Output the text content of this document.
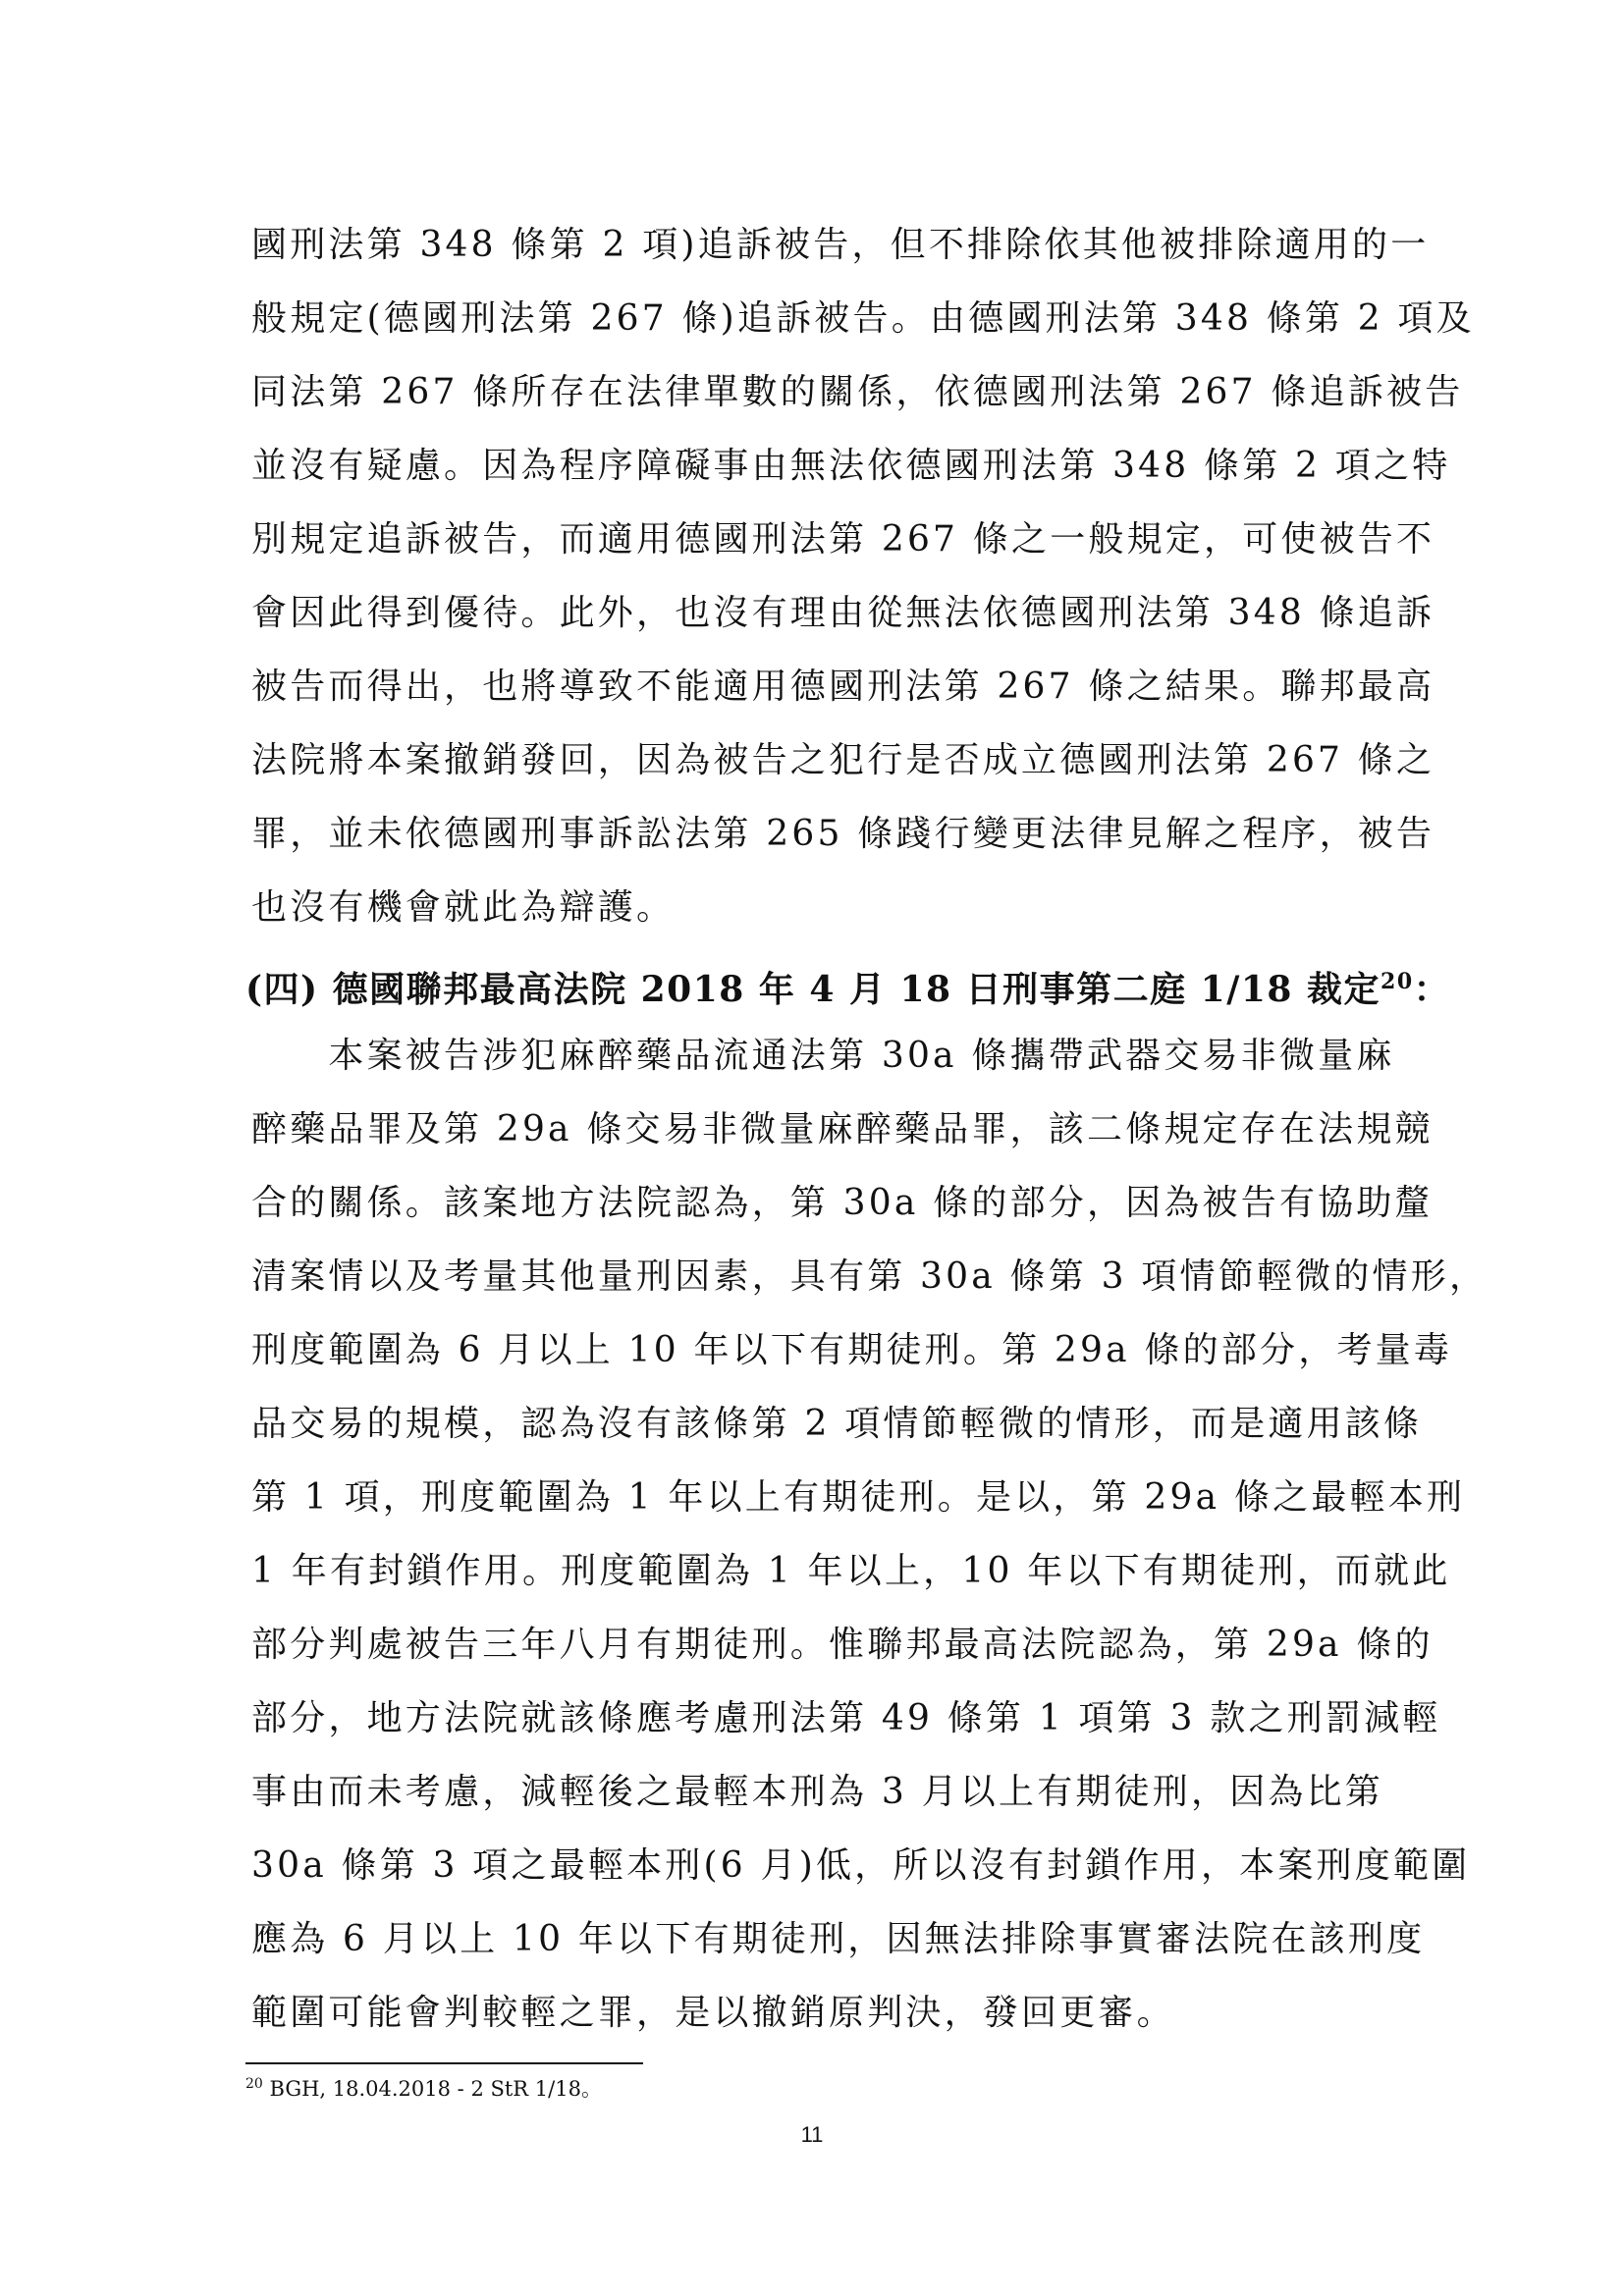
國刑法第 348 條第 2 項)追訴被告，但不排除依其他被排除適用的一
般規定(德國刑法第 267 條)追訴被告。由德國刑法第 348 條第 2 項及
同法第 267 條所存在法律單數的關係，依德國刑法第 267 條追訴被告
並沒有疑慮。因為程序障礙事由無法依德國刑法第 348 條第 2 項之特
別規定追訴被告，而適用德國刑法第 267 條之一般規定，可使被告不
會因此得到優待。此外，也沒有理由從無法依德國刑法第 348 條追訴
被告而得出，也將導致不能適用德國刑法第 267 條之結果。聯邦最高
法院將本案撤銷發回，因為被告之犯行是否成立德國刑法第 267 條之
罪，並未依德國刑事訴訟法第 265 條踐行變更法律見解之程序，被告
也沒有機會就此為辯護。
(四) 德國聯邦最高法院 2018 年 4 月 18 日刑事第二庭 1/18 裁定$^{20}$：
　　本案被告涉犯麻醉藥品流通法第 30a 條攜帶武器交易非微量麻
醉藥品罪及第 29a 條交易非微量麻醉藥品罪，該二條規定存在法規競
合的關係。該案地方法院認為，第 30a 條的部分，因為被告有協助釐
清案情以及考量其他量刑因素，具有第 30a 條第 3 項情節輕微的情形，
刑度範圍為 6 月以上 10 年以下有期徒刑。第 29a 條的部分，考量毒
品交易的規模，認為沒有該條第 2 項情節輕微的情形，而是適用該條
第 1 項，刑度範圍為 1 年以上有期徒刑。是以，第 29a 條之最輕本刑
1 年有封鎖作用。刑度範圍為 1 年以上，10 年以下有期徒刑，而就此
部分判處被告三年八月有期徒刑。惟聯邦最高法院認為，第 29a 條的
部分，地方法院就該條應考慮刑法第 49 條第 1 項第 3 款之刑罰減輕
事由而未考慮，減輕後之最輕本刑為 3 月以上有期徒刑，因為比第
30a 條第 3 項之最輕本刑(6 月)低，所以沒有封鎖作用，本案刑度範圍
應為 6 月以上 10 年以下有期徒刑，因無法排除事實審法院在該刑度
範圍可能會判較輕之罪，是以撤銷原判決，發回更審。

$^{20}$ BGH, 18.04.2018 - 2 StR 1/18。

11
